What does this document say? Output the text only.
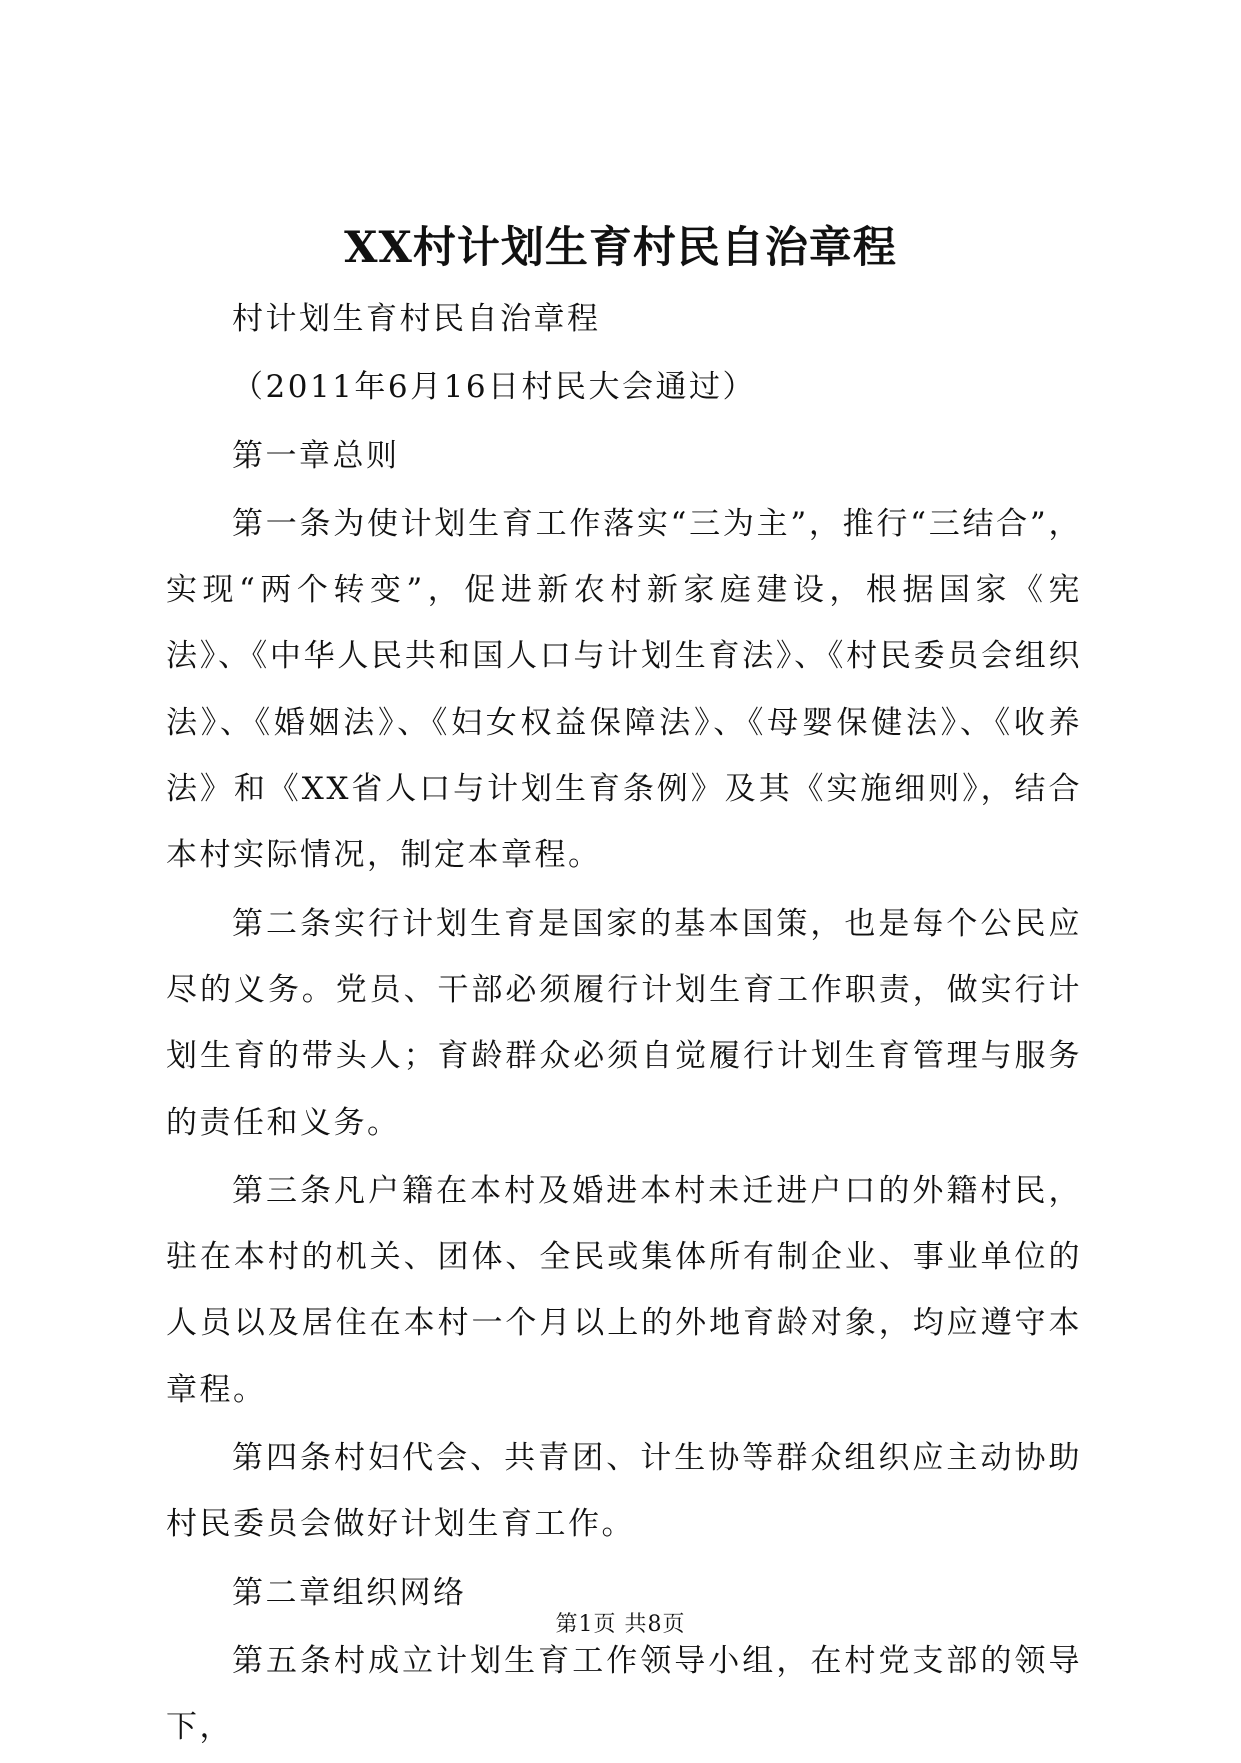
XX村计划生育村民自治章程

村计划生育村民自治章程

（2011年6月16日村民大会通过）

第一章总则

第一条为使计划生育工作落实“三为主”，推行“三结合”，实现“两个转变”，促进新农村新家庭建设，根据国家《宪法》、《中华人民共和国人口与计划生育法》、《村民委员会组织法》、《婚姻法》、《妇女权益保障法》、《母婴保健法》、《收养法》和《XX省人口与计划生育条例》及其《实施细则》，结合本村实际情况，制定本章程。

第二条实行计划生育是国家的基本国策，也是每个公民应尽的义务。党员、干部必须履行计划生育工作职责，做实行计划生育的带头人；育龄群众必须自觉履行计划生育管理与服务的责任和义务。

第三条凡户籍在本村及婚进本村未迁进户口的外籍村民，驻在本村的机关、团体、全民或集体所有制企业、事业单位的人员以及居住在本村一个月以上的外地育龄对象，均应遵守本章程。

第四条村妇代会、共青团、计生协等群众组织应主动协助村民委员会做好计划生育工作。

第二章组织网络

第五条村成立计划生育工作领导小组，在村党支部的领导下，

第1页 共8页
